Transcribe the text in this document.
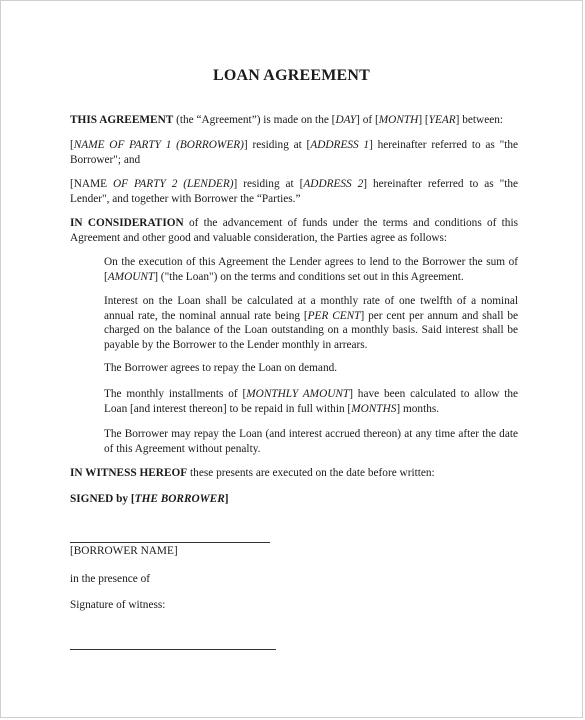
LOAN AGREEMENT
THIS AGREEMENT (the “Agreement”) is made on the [DAY] of [MONTH] [YEAR] between:
[NAME OF PARTY 1 (BORROWER)] residing at [ADDRESS 1] hereinafter referred to as "the Borrower"; and
[NAME OF PARTY 2 (LENDER)] residing at [ADDRESS 2] hereinafter referred to as "the Lender", and together with Borrower the “Parties.”
IN CONSIDERATION of the advancement of funds under the terms and conditions of this Agreement and other good and valuable consideration, the Parties agree as follows:
On the execution of this Agreement the Lender agrees to lend to the Borrower the sum of [AMOUNT] ("the Loan") on the terms and conditions set out in this Agreement.
Interest on the Loan shall be calculated at a monthly rate of one twelfth of a nominal annual rate, the nominal annual rate being [PER CENT] per cent per annum and shall be charged on the balance of the Loan outstanding on a monthly basis. Said interest shall be payable by the Borrower to the Lender monthly in arrears.
The Borrower agrees to repay the Loan on demand.
The monthly installments of [MONTHLY AMOUNT] have been calculated to allow the Loan [and interest thereon] to be repaid in full within [MONTHS] months.
The Borrower may repay the Loan (and interest accrued thereon) at any time after the date of this Agreement without penalty.
IN WITNESS HEREOF these presents are executed on the date before written:
SIGNED by [THE BORROWER]
[BORROWER NAME]
in the presence of
Signature of witness:
